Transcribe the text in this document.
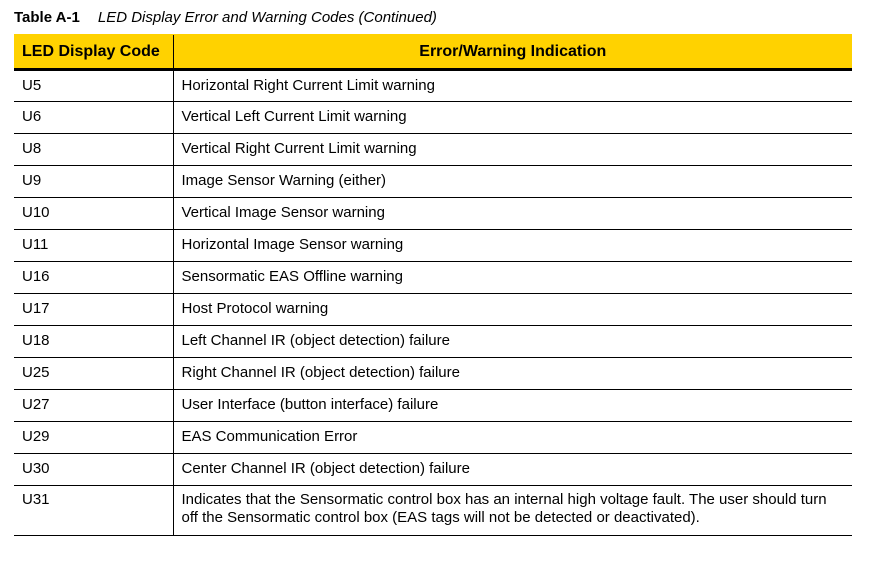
Table A-1 LED Display Error and Warning Codes (Continued)
LED Display Code	Error/Warning Indication
U5	Horizontal Right Current Limit warning
U6	Vertical Left Current Limit warning
U8	Vertical Right Current Limit warning
U9	Image Sensor Warning (either)
U10	Vertical Image Sensor warning
U11	Horizontal Image Sensor warning
U16	Sensormatic EAS Offline warning
U17	Host Protocol warning
U18	Left Channel IR (object detection) failure
U25	Right Channel IR (object detection) failure
U27	User Interface (button interface) failure
U29	EAS Communication Error
U30	Center Channel IR (object detection) failure
U31	Indicates that the Sensormatic control box has an internal high voltage fault. The user should turn off the Sensormatic control box (EAS tags will not be detected or deactivated).
